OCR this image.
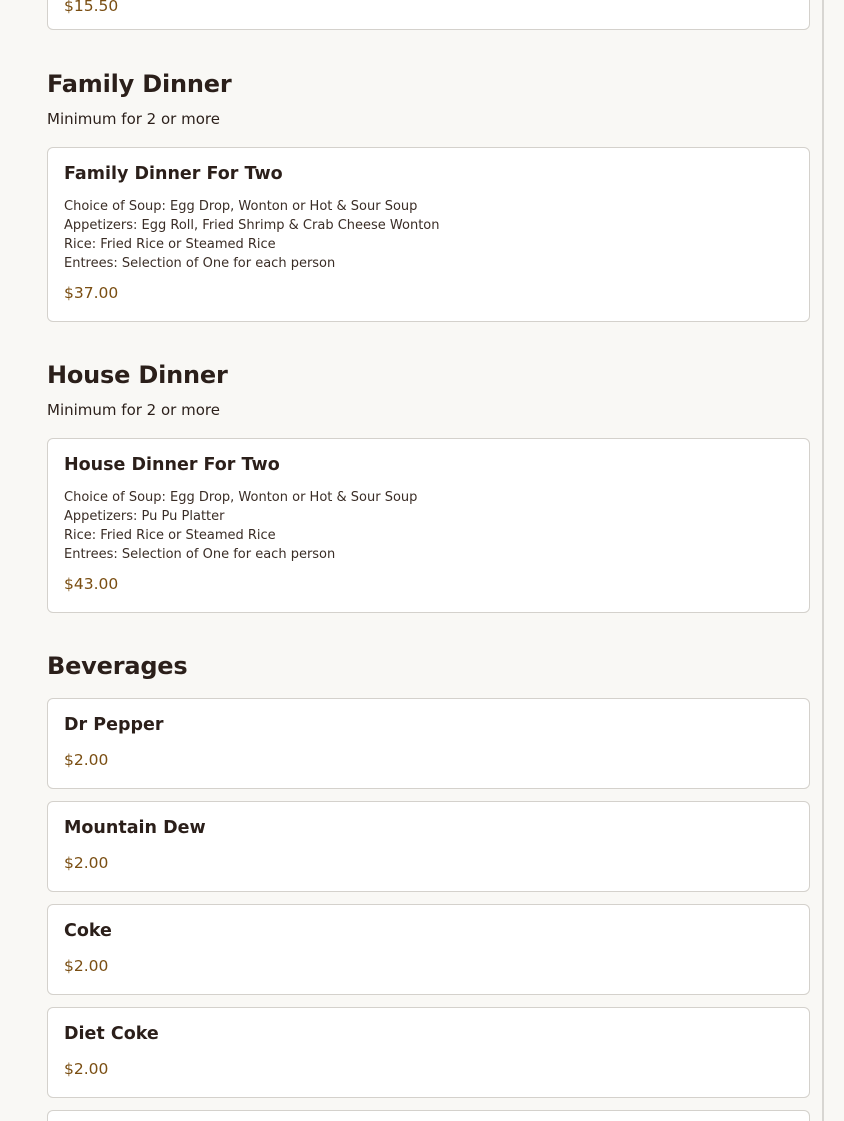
$15.50

Family Dinner

Minimum for 2 or more

Family Dinner For Two

Choice of Soup: Egg Drop, Wonton or Hot & Sour Soup
Appetizers: Egg Roll, Fried Shrimp & Crab Cheese Wonton
Rice: Fried Rice or Steamed Rice
Entrees: Selection of One for each person

$37.00

House Dinner

Minimum for 2 or more

House Dinner For Two

Choice of Soup: Egg Drop, Wonton or Hot & Sour Soup
Appetizers: Pu Pu Platter
Rice: Fried Rice or Steamed Rice
Entrees: Selection of One for each person

$43.00

Beverages

Dr Pepper

$2.00

Mountain Dew

$2.00

Coke

$2.00

Diet Coke

$2.00
